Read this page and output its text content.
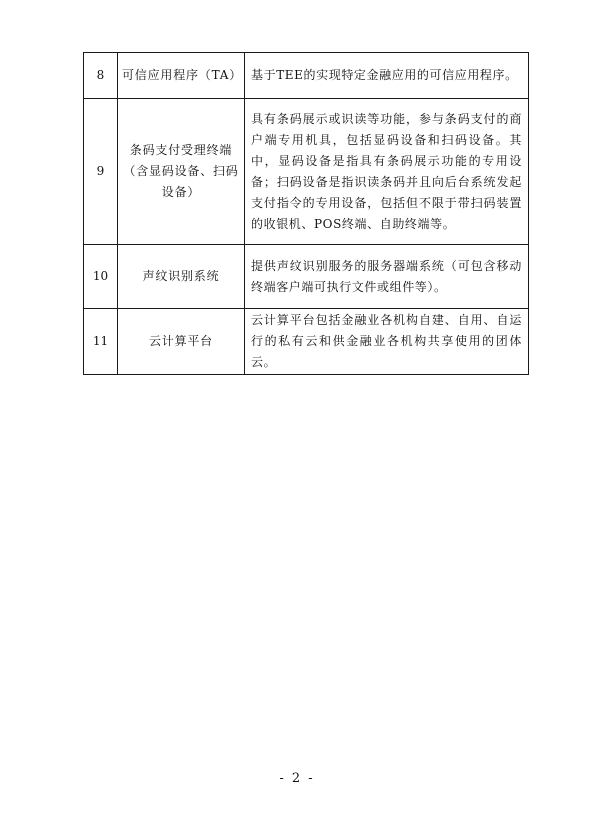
8	可信应用程序（TA）	基于TEE的实现特定金融应用的可信应用程序。
9	条码支付受理终端（含显码设备、扫码设备）	具有条码展示或识读等功能，参与条码支付的商户端专用机具，包括显码设备和扫码设备。其中，显码设备是指具有条码展示功能的专用设备；扫码设备是指识读条码并且向后台系统发起支付指令的专用设备，包括但不限于带扫码装置的收银机、POS终端、自助终端等。
10	声纹识别系统	提供声纹识别服务的服务器端系统（可包含移动终端客户端可执行文件或组件等）。
11	云计算平台	云计算平台包括金融业各机构自建、自用、自运行的私有云和供金融业各机构共享使用的团体云。
- 2 -
